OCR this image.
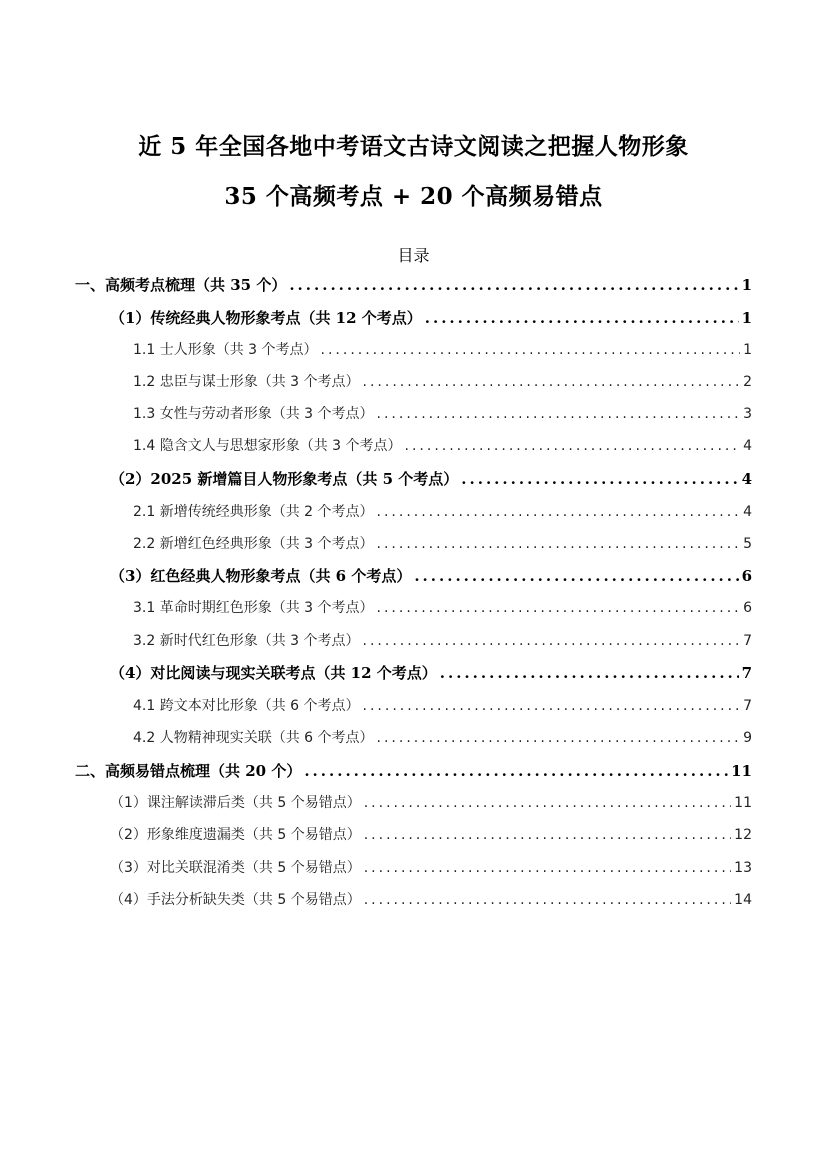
近 5 年全国各地中考语文古诗文阅读之把握人物形象
35 个高频考点 + 20 个高频易错点
目录
一、高频考点梳理（共 35 个） .....	1
（1）传统经典人物形象考点（共 12 个考点） .....	1
1.1 士人形象（共 3 个考点） .....	1
1.2 忠臣与谋士形象（共 3 个考点） .....	2
1.3 女性与劳动者形象（共 3 个考点） .....	3
1.4 隐含文人与思想家形象（共 3 个考点） .....	4
（2）2025 新增篇目人物形象考点（共 5 个考点） .....	4
2.1 新增传统经典形象（共 2 个考点） .....	4
2.2 新增红色经典形象（共 3 个考点） .....	5
（3）红色经典人物形象考点（共 6 个考点） .....	6
3.1 革命时期红色形象（共 3 个考点） .....	6
3.2 新时代红色形象（共 3 个考点） .....	7
（4）对比阅读与现实关联考点（共 12 个考点） .....	7
4.1 跨文本对比形象（共 6 个考点） .....	7
4.2 人物精神现实关联（共 6 个考点） .....	9
二、高频易错点梳理（共 20 个） .....	11
（1）课注解读滞后类（共 5 个易错点） .....	11
（2）形象维度遗漏类（共 5 个易错点） .....	12
（3）对比关联混淆类（共 5 个易错点） .....	13
（4）手法分析缺失类（共 5 个易错点） .....	14
